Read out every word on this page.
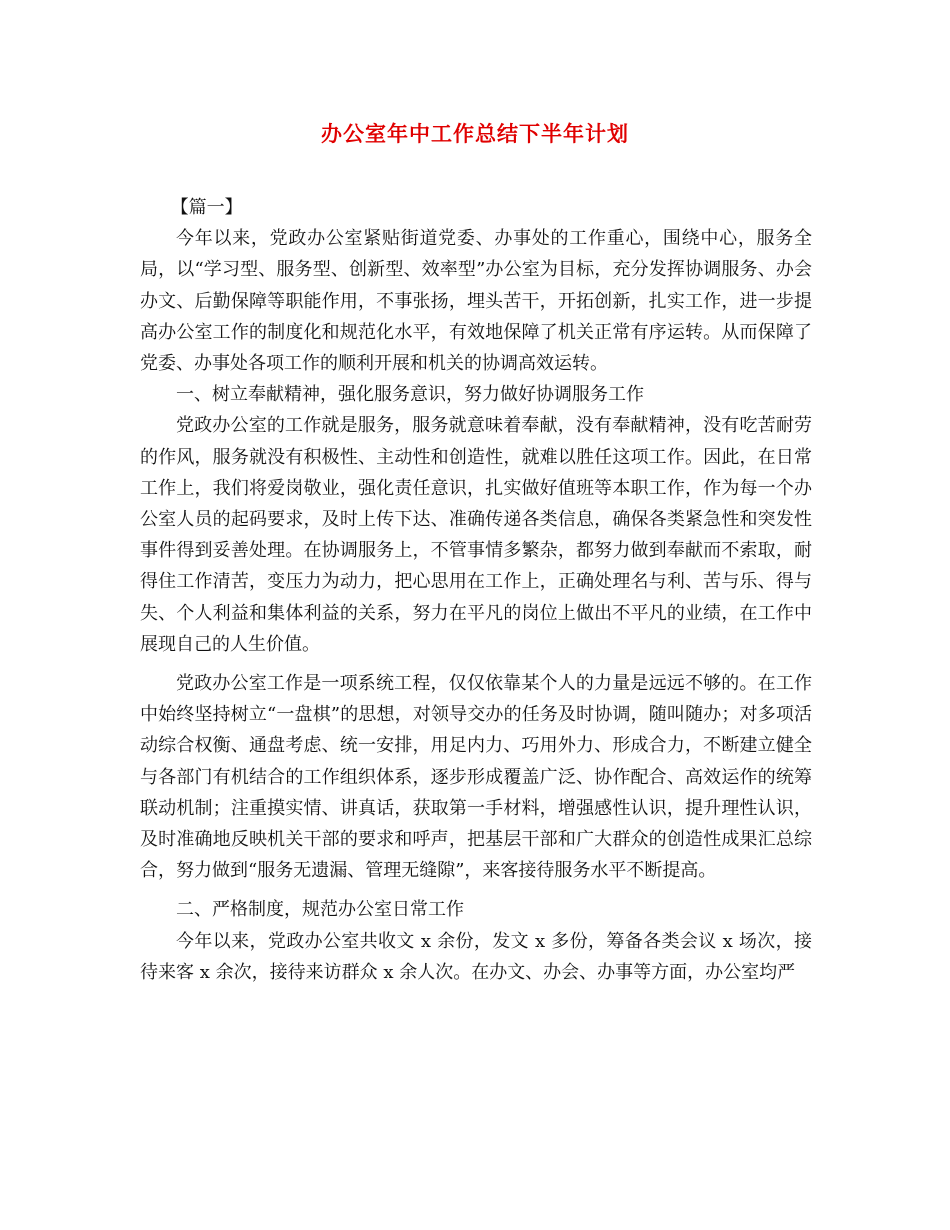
办公室年中工作总结下半年计划

【篇一】

今年以来，党政办公室紧贴街道党委、办事处的工作重心，围绕中心，服务全局，以“学习型、服务型、创新型、效率型”办公室为目标，充分发挥协调服务、办会办文、后勤保障等职能作用，不事张扬，埋头苦干，开拓创新，扎实工作，进一步提高办公室工作的制度化和规范化水平，有效地保障了机关正常有序运转。从而保障了党委、办事处各项工作的顺利开展和机关的协调高效运转。

一、树立奉献精神，强化服务意识，努力做好协调服务工作

党政办公室的工作就是服务，服务就意味着奉献，没有奉献精神，没有吃苦耐劳的作风，服务就没有积极性、主动性和创造性，就难以胜任这项工作。因此，在日常工作上，我们将爱岗敬业，强化责任意识，扎实做好值班等本职工作，作为每一个办公室人员的起码要求，及时上传下达、准确传递各类信息，确保各类紧急性和突发性事件得到妥善处理。在协调服务上，不管事情多繁杂，都努力做到奉献而不索取，耐得住工作清苦，变压力为动力，把心思用在工作上，正确处理名与利、苦与乐、得与失、个人利益和集体利益的关系，努力在平凡的岗位上做出不平凡的业绩，在工作中展现自己的人生价值。

党政办公室工作是一项系统工程，仅仅依靠某个人的力量是远远不够的。在工作中始终坚持树立“一盘棋”的思想，对领导交办的任务及时协调，随叫随办；对多项活动综合权衡、通盘考虑、统一安排，用足内力、巧用外力、形成合力，不断建立健全与各部门有机结合的工作组织体系，逐步形成覆盖广泛、协作配合、高效运作的统筹联动机制；注重摸实情、讲真话，获取第一手材料，增强感性认识，提升理性认识，及时准确地反映机关干部的要求和呼声，把基层干部和广大群众的创造性成果汇总综合，努力做到“服务无遗漏、管理无缝隙”，来客接待服务水平不断提高。

二、严格制度，规范办公室日常工作

今年以来，党政办公室共收文 x 余份，发文 x 多份，筹备各类会议 x 场次，接待来客 x 余次，接待来访群众 x 余人次。在办文、办会、办事等方面，办公室均严
